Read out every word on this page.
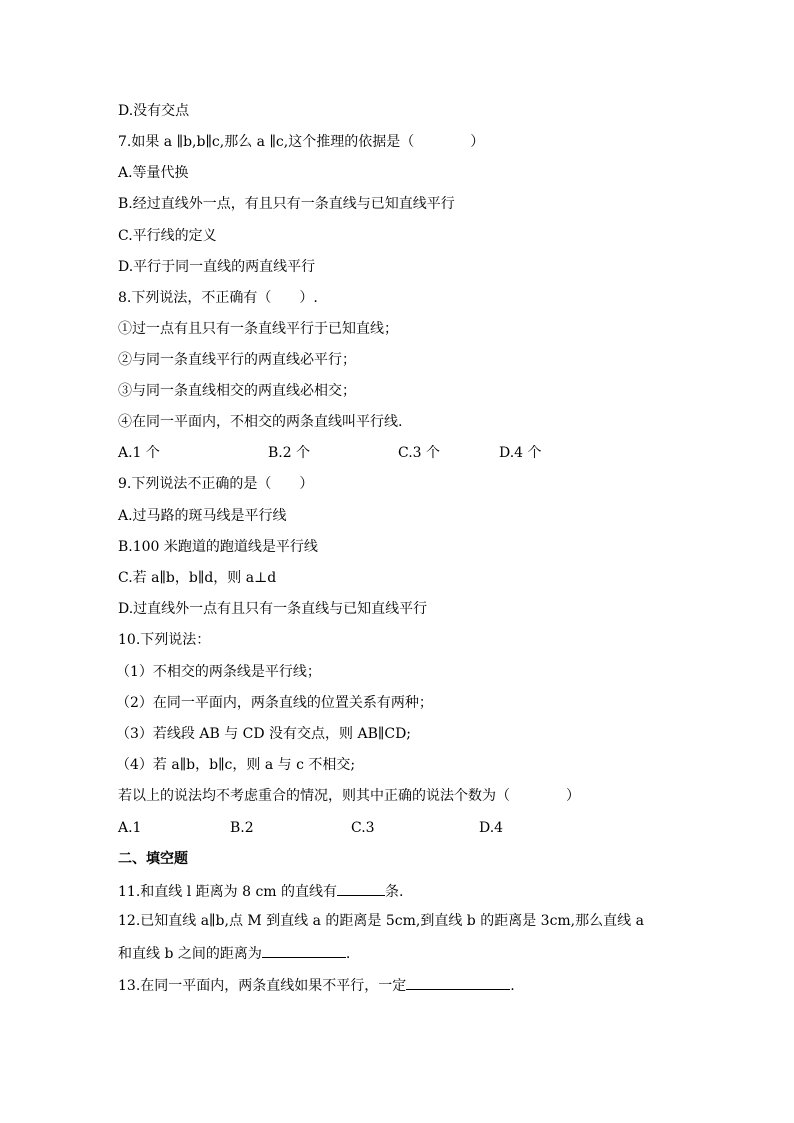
D.没有交点
7.如果 a ∥b,b∥c,那么 a ∥c,这个推理的依据是（　　　　）
A.等量代换
B.经过直线外一点，有且只有一条直线与已知直线平行
C.平行线的定义
D.平行于同一直线的两直线平行
8.下列说法，不正确有（　　）.
①过一点有且只有一条直线平行于已知直线；
②与同一条直线平行的两直线必平行；
③与同一条直线相交的两直线必相交；
④在同一平面内，不相交的两条直线叫平行线.
A.1 个	B.2 个	C.3 个	D.4 个
9.下列说法不正确的是（　　）
A.过马路的斑马线是平行线
B.100 米跑道的跑道线是平行线
C.若 a∥b，b∥d，则 a⊥d
D.过直线外一点有且只有一条直线与已知直线平行
10.下列说法：
（1）不相交的两条线是平行线；
（2）在同一平面内，两条直线的位置关系有两种；
（3）若线段 AB 与 CD 没有交点，则 AB∥CD;
（4）若 a∥b，b∥c，则 a 与 c 不相交;
若以上的说法均不考虑重合的情况，则其中正确的说法个数为（　　　　）
A.1	B.2	C.3	D.4
二、填空题
11.和直线 l 距离为 8 cm 的直线有	条.
12.已知直线 a∥b,点 M 到直线 a 的距离是 5cm,到直线 b 的距离是 3cm,那么直线 a
和直线 b 之间的距离为	.
13.在同一平面内，两条直线如果不平行，一定	.
